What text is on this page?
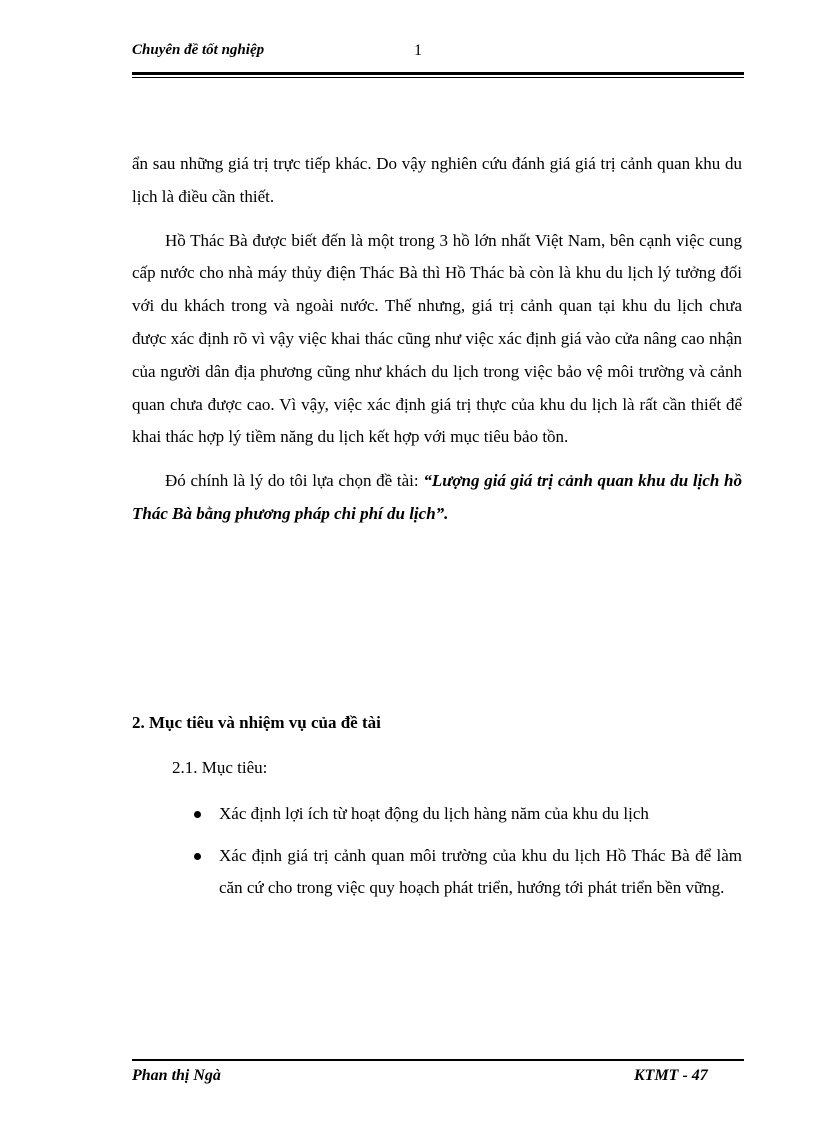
Chuyên đề tốt nghiệp	1

ẩn sau những giá trị trực tiếp khác. Do vậy nghiên cứu đánh giá giá trị cảnh quan khu du lịch là điều cần thiết.

Hồ Thác Bà được biết đến là một trong 3 hồ lớn nhất Việt Nam, bên cạnh việc cung cấp nước cho nhà máy thủy điện Thác Bà thì Hồ Thác bà còn là khu du lịch lý tưởng đối với du khách trong và ngoài nước. Thế nhưng, giá trị cảnh quan tại khu du lịch chưa được xác định rõ vì vậy việc khai thác cũng như việc xác định giá vào cửa nâng cao nhận của người dân địa phương cũng như khách du lịch trong việc bảo vệ môi trường và cảnh quan chưa được cao. Vì vậy, việc xác định giá trị thực của khu du lịch là rất cần thiết để khai thác hợp lý tiềm năng du lịch kết hợp với mục tiêu bảo tồn.

Đó chính là lý do tôi lựa chọn đề tài: “Lượng giá giá trị cảnh quan khu du lịch hồ Thác Bà bằng phương pháp chi phí du lịch”.

2. Mục tiêu và nhiệm vụ của đề tài
2.1. Mục tiêu:
Xác định lợi ích từ hoạt động du lịch hàng năm của khu du lịch
Xác định giá trị cảnh quan môi trường của khu du lịch Hồ Thác Bà để làm căn cứ cho trong việc quy hoạch phát triển, hướng tới phát triển bền vững.
Phan thị Ngà	KTMT - 47
